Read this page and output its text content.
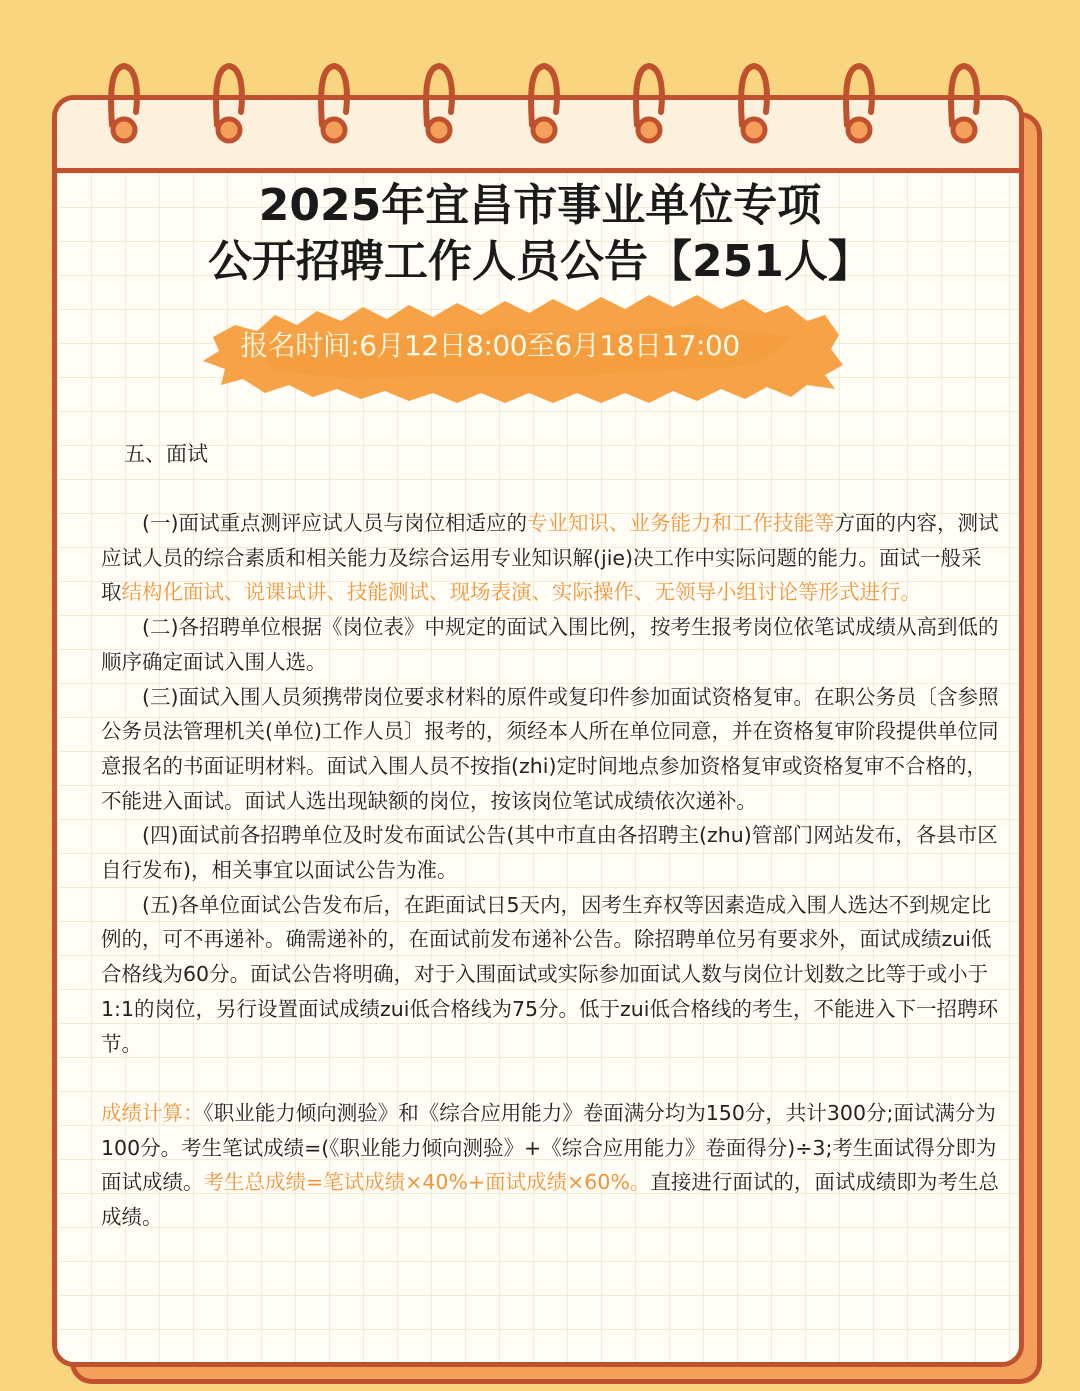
2025年宜昌市事业单位专项
公开招聘工作人员公告【251人】
报名时间:6月12日8:00至6月18日17:00
五、面试

(一)面试重点测评应试人员与岗位相适应的专业知识、业务能力和工作技能等方面的内容，测试应试人员的综合素质和相关能力及综合运用专业知识解(jie)决工作中实际问题的能力。面试一般采取结构化面试、说课试讲、技能测试、现场表演、实际操作、无领导小组讨论等形式进行。

(二)各招聘单位根据《岗位表》中规定的面试入围比例，按考生报考岗位依笔试成绩从高到低的顺序确定面试入围人选。

(三)面试入围人员须携带岗位要求材料的原件或复印件参加面试资格复审。在职公务员〔含参照公务员法管理机关(单位)工作人员〕报考的，须经本人所在单位同意，并在资格复审阶段提供单位同意报名的书面证明材料。面试入围人员不按指(zhi)定时间地点参加资格复审或资格复审不合格的，不能进入面试。面试人选出现缺额的岗位，按该岗位笔试成绩依次递补。

(四)面试前各招聘单位及时发布面试公告(其中市直由各招聘主(zhu)管部门网站发布，各县市区自行发布)，相关事宜以面试公告为准。

(五)各单位面试公告发布后，在距面试日5天内，因考生弃权等因素造成入围人选达不到规定比例的，可不再递补。确需递补的，在面试前发布递补公告。除招聘单位另有要求外，面试成绩zui低合格线为60分。面试公告将明确，对于入围面试或实际参加面试人数与岗位计划数之比等于或小于1:1的岗位，另行设置面试成绩zui低合格线为75分。低于zui低合格线的考生，不能进入下一招聘环节。

成绩计算：《职业能力倾向测验》和《综合应用能力》卷面满分均为150分，共计300分;面试满分为100分。考生笔试成绩=(《职业能力倾向测验》+《综合应用能力》卷面得分)÷3;考生面试得分即为面试成绩。考生总成绩=笔试成绩×40%+面试成绩×60%。直接进行面试的，面试成绩即为考生总成绩。
